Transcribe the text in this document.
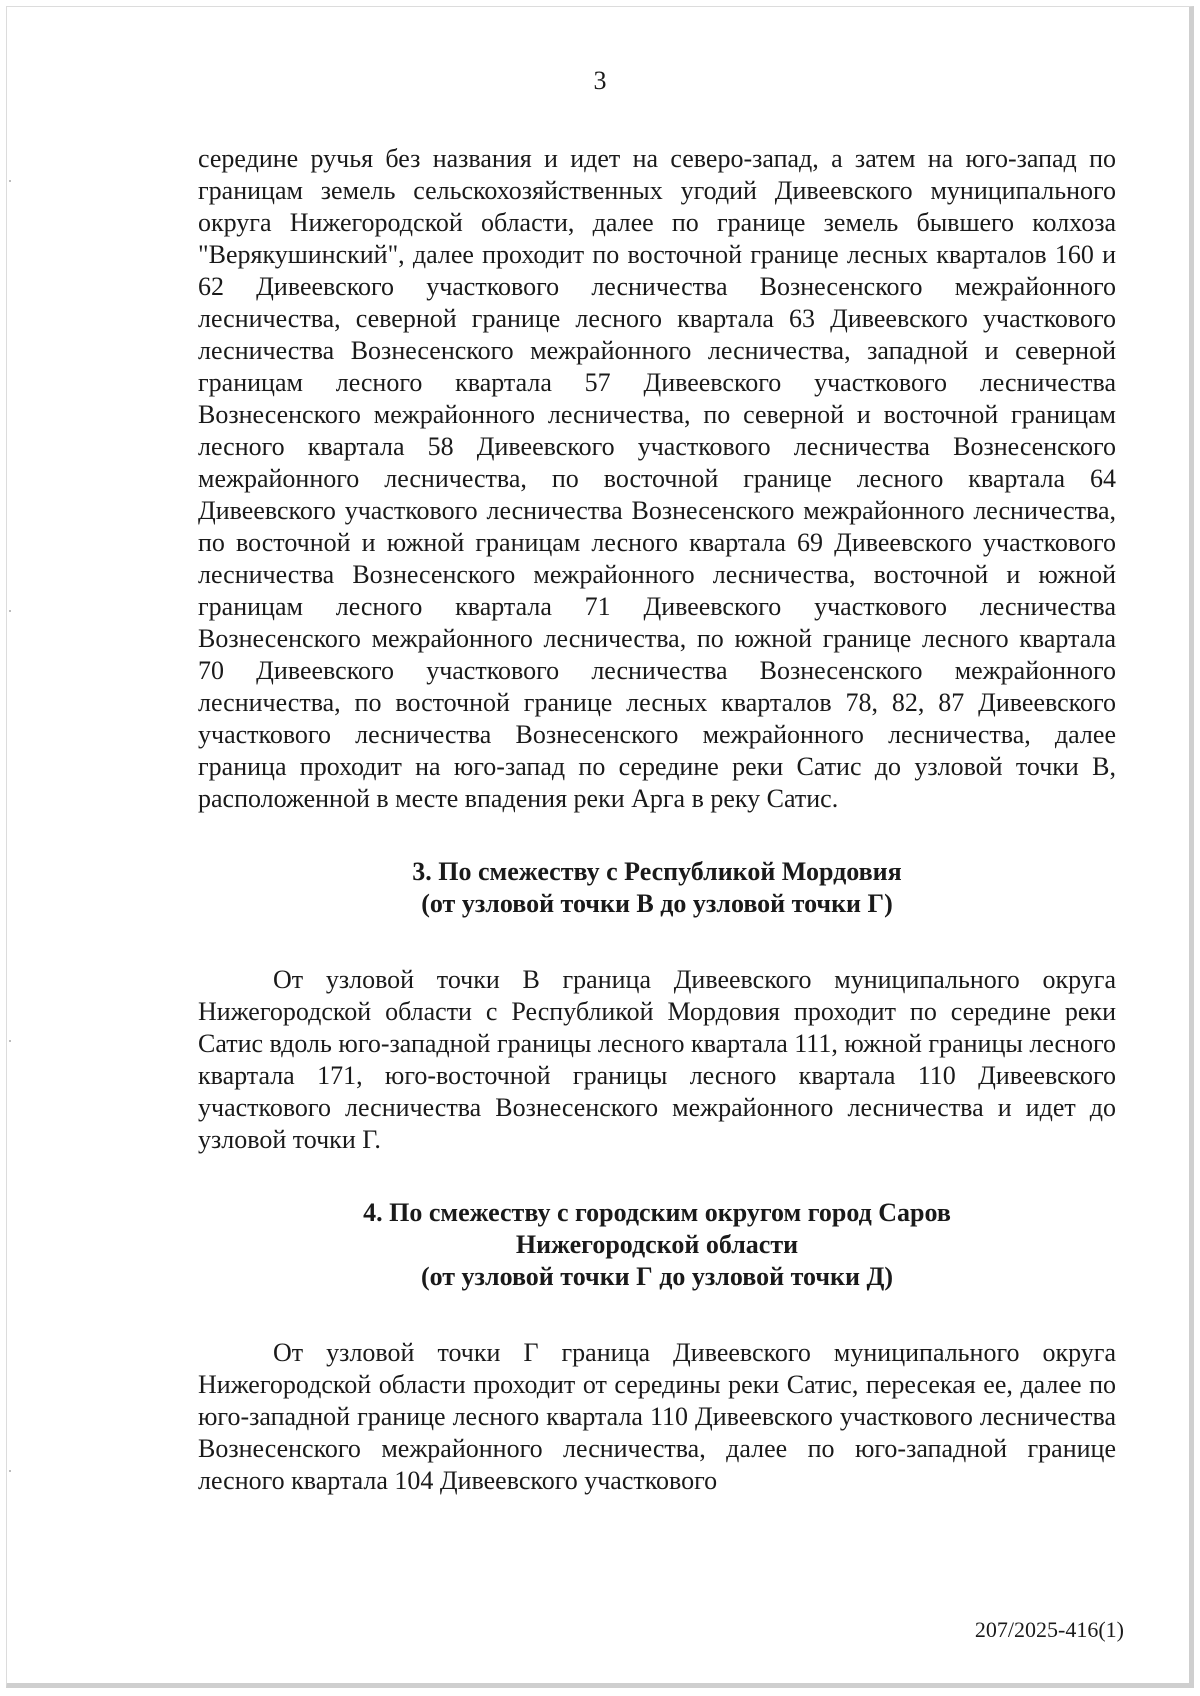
3

середине ручья без названия и идет на северо-запад, а затем на юго-запад по границам земель сельскохозяйственных угодий Дивеевского муниципального округа Нижегородской области, далее по границе земель бывшего колхоза "Верякушинский", далее проходит по восточной границе лесных кварталов 160 и 62 Дивеевского участкового лесничества Вознесенского межрайонного лесничества, северной границе лесного квартала 63 Дивеевского участкового лесничества Вознесенского межрайонного лесничества, западной и северной границам лесного квартала 57 Дивеевского участкового лесничества Вознесенского межрайонного лесничества, по северной и восточной границам лесного квартала 58 Дивеевского участкового лесничества Вознесенского межрайонного лесничества, по восточной границе лесного квартала 64 Дивеевского участкового лесничества Вознесенского межрайонного лесничества, по восточной и южной границам лесного квартала 69 Дивеевского участкового лесничества Вознесенского межрайонного лесничества, восточной и южной границам лесного квартала 71 Дивеевского участкового лесничества Вознесенского межрайонного лесничества, по южной границе лесного квартала 70 Дивеевского участкового лесничества Вознесенского межрайонного лесничества, по восточной границе лесных кварталов 78, 82, 87 Дивеевского участкового лесничества Вознесенского межрайонного лесничества, далее граница проходит на юго-запад по середине реки Сатис до узловой точки В, расположенной в месте впадения реки Арга в реку Сатис.

3. По смежеству с Республикой Мордовия
(от узловой точки В до узловой точки Г)

От узловой точки В граница Дивеевского муниципального округа Нижегородской области с Республикой Мордовия проходит по середине реки Сатис вдоль юго-западной границы лесного квартала 111, южной границы лесного квартала 171, юго-восточной границы лесного квартала 110 Дивеевского участкового лесничества Вознесенского межрайонного лесничества и идет до узловой точки Г.

4. По смежеству с городским округом город Саров
Нижегородской области
(от узловой точки Г до узловой точки Д)

От узловой точки Г граница Дивеевского муниципального округа Нижегородской области проходит от середины реки Сатис, пересекая ее, далее по юго-западной границе лесного квартала 110 Дивеевского участкового лесничества Вознесенского межрайонного лесничества, далее по юго-западной границе лесного квартала 104 Дивеевского участкового

207/2025-416(1)
